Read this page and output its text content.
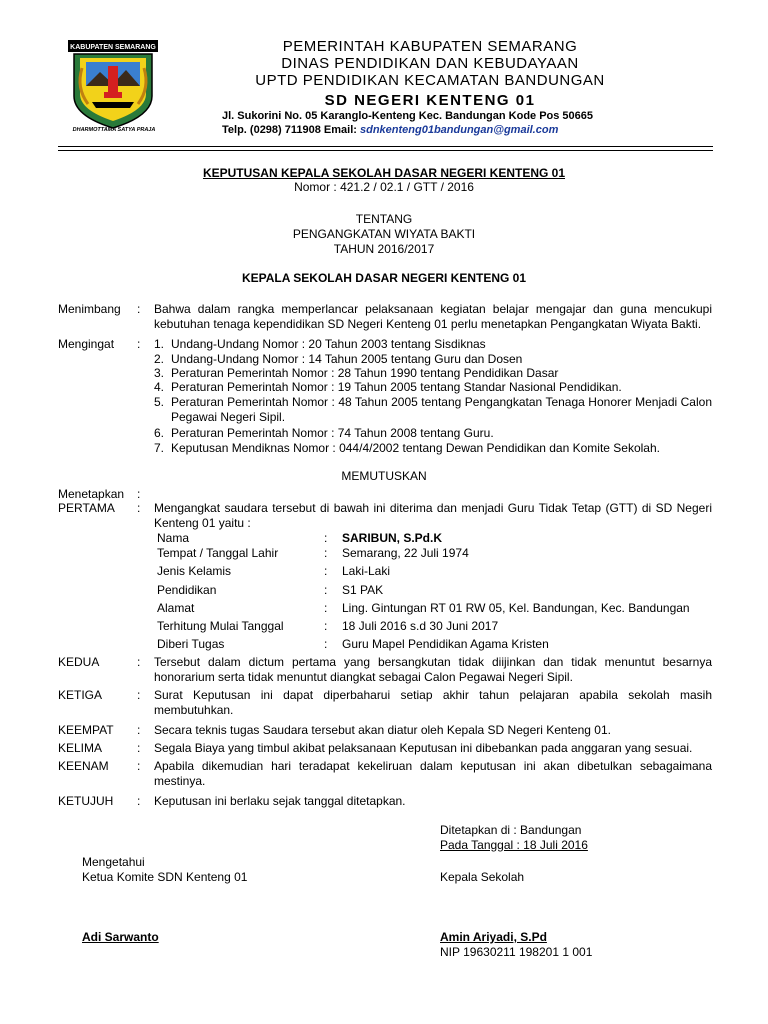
KABUPATEN SEMARANG
DHARMOTTAMA SATYA PRAJA
PEMERINTAH KABUPATEN SEMARANG
DINAS PENDIDIKAN DAN KEBUDAYAAN
UPTD PENDIDIKAN KECAMATAN BANDUNGAN
SD NEGERI KENTENG 01
Jl. Sukorini No. 05 Karanglo-Kenteng Kec. Bandungan Kode Pos 50665
Telp. (0298) 711908 Email: sdnkenteng01bandungan@gmail.com
KEPUTUSAN KEPALA SEKOLAH DASAR NEGERI KENTENG 01
Nomor : 421.2 / 02.1 / GTT / 2016
TENTANG
PENGANGKATAN WIYATA BAKTI
TAHUN 2016/2017
KEPALA SEKOLAH DASAR NEGERI KENTENG 01
Menimbang : Bahwa dalam rangka memperlancar pelaksanaan kegiatan belajar mengajar dan guna mencukupi kebutuhan tenaga kependidikan SD Negeri Kenteng 01 perlu menetapkan Pengangkatan Wiyata Bakti.
Mengingat : 1. Undang-Undang Nomor : 20 Tahun 2003 tentang Sisdiknas
2. Undang-Undang Nomor : 14 Tahun 2005 tentang Guru dan Dosen
3. Peraturan Pemerintah Nomor : 28 Tahun 1990 tentang Pendidikan Dasar
4. Peraturan Pemerintah Nomor : 19 Tahun 2005 tentang Standar Nasional Pendidikan.
5. Peraturan Pemerintah Nomor : 48 Tahun 2005 tentang Pengangkatan Tenaga Honorer Menjadi Calon Pegawai Negeri Sipil.
6. Peraturan Pemerintah Nomor : 74 Tahun 2008 tentang Guru.
7. Keputusan Mendiknas Nomor : 044/4/2002 tentang Dewan Pendidikan dan Komite Sekolah.
MEMUTUSKAN
Menetapkan :
PERTAMA : Mengangkat saudara tersebut di bawah ini diterima dan menjadi Guru Tidak Tetap (GTT) di SD Negeri Kenteng 01 yaitu :
Nama	: SARIBUN, S.Pd.K
Tempat / Tanggal Lahir	: Semarang, 22 Juli 1974
Jenis Kelamis	: Laki-Laki
Pendidikan	: S1 PAK
Alamat	: Ling. Gintungan RT 01 RW 05, Kel. Bandungan, Kec. Bandungan
Terhitung Mulai Tanggal	: 18 Juli 2016 s.d 30 Juni 2017
Diberi Tugas	: Guru Mapel Pendidikan Agama Kristen
KEDUA	: Tersebut dalam dictum pertama yang bersangkutan tidak diijinkan dan tidak menuntut besarnya honorarium serta tidak menuntut diangkat sebagai Calon Pegawai Negeri Sipil.
KETIGA	: Surat Keputusan ini dapat diperbaharui setiap akhir tahun pelajaran apabila sekolah masih membutuhkan.
KEEMPAT : Secara teknis tugas Saudara tersebut akan diatur oleh Kepala SD Negeri Kenteng 01.
KELIMA	: Segala Biaya yang timbul akibat pelaksanaan Keputusan ini dibebankan pada anggaran yang sesuai.
KEENAM : Apabila dikemudian hari teradapat kekeliruan dalam keputusan ini akan dibetulkan sebagaimana mestinya.
KETUJUH : Keputusan ini berlaku sejak tanggal ditetapkan.
Ditetapkan di : Bandungan
Pada Tanggal : 18 Juli 2016
Mengetahui
Ketua Komite SDN Kenteng 01	Kepala Sekolah
Adi Sarwanto	Amin Ariyadi, S.Pd
NIP 19630211 198201 1 001
